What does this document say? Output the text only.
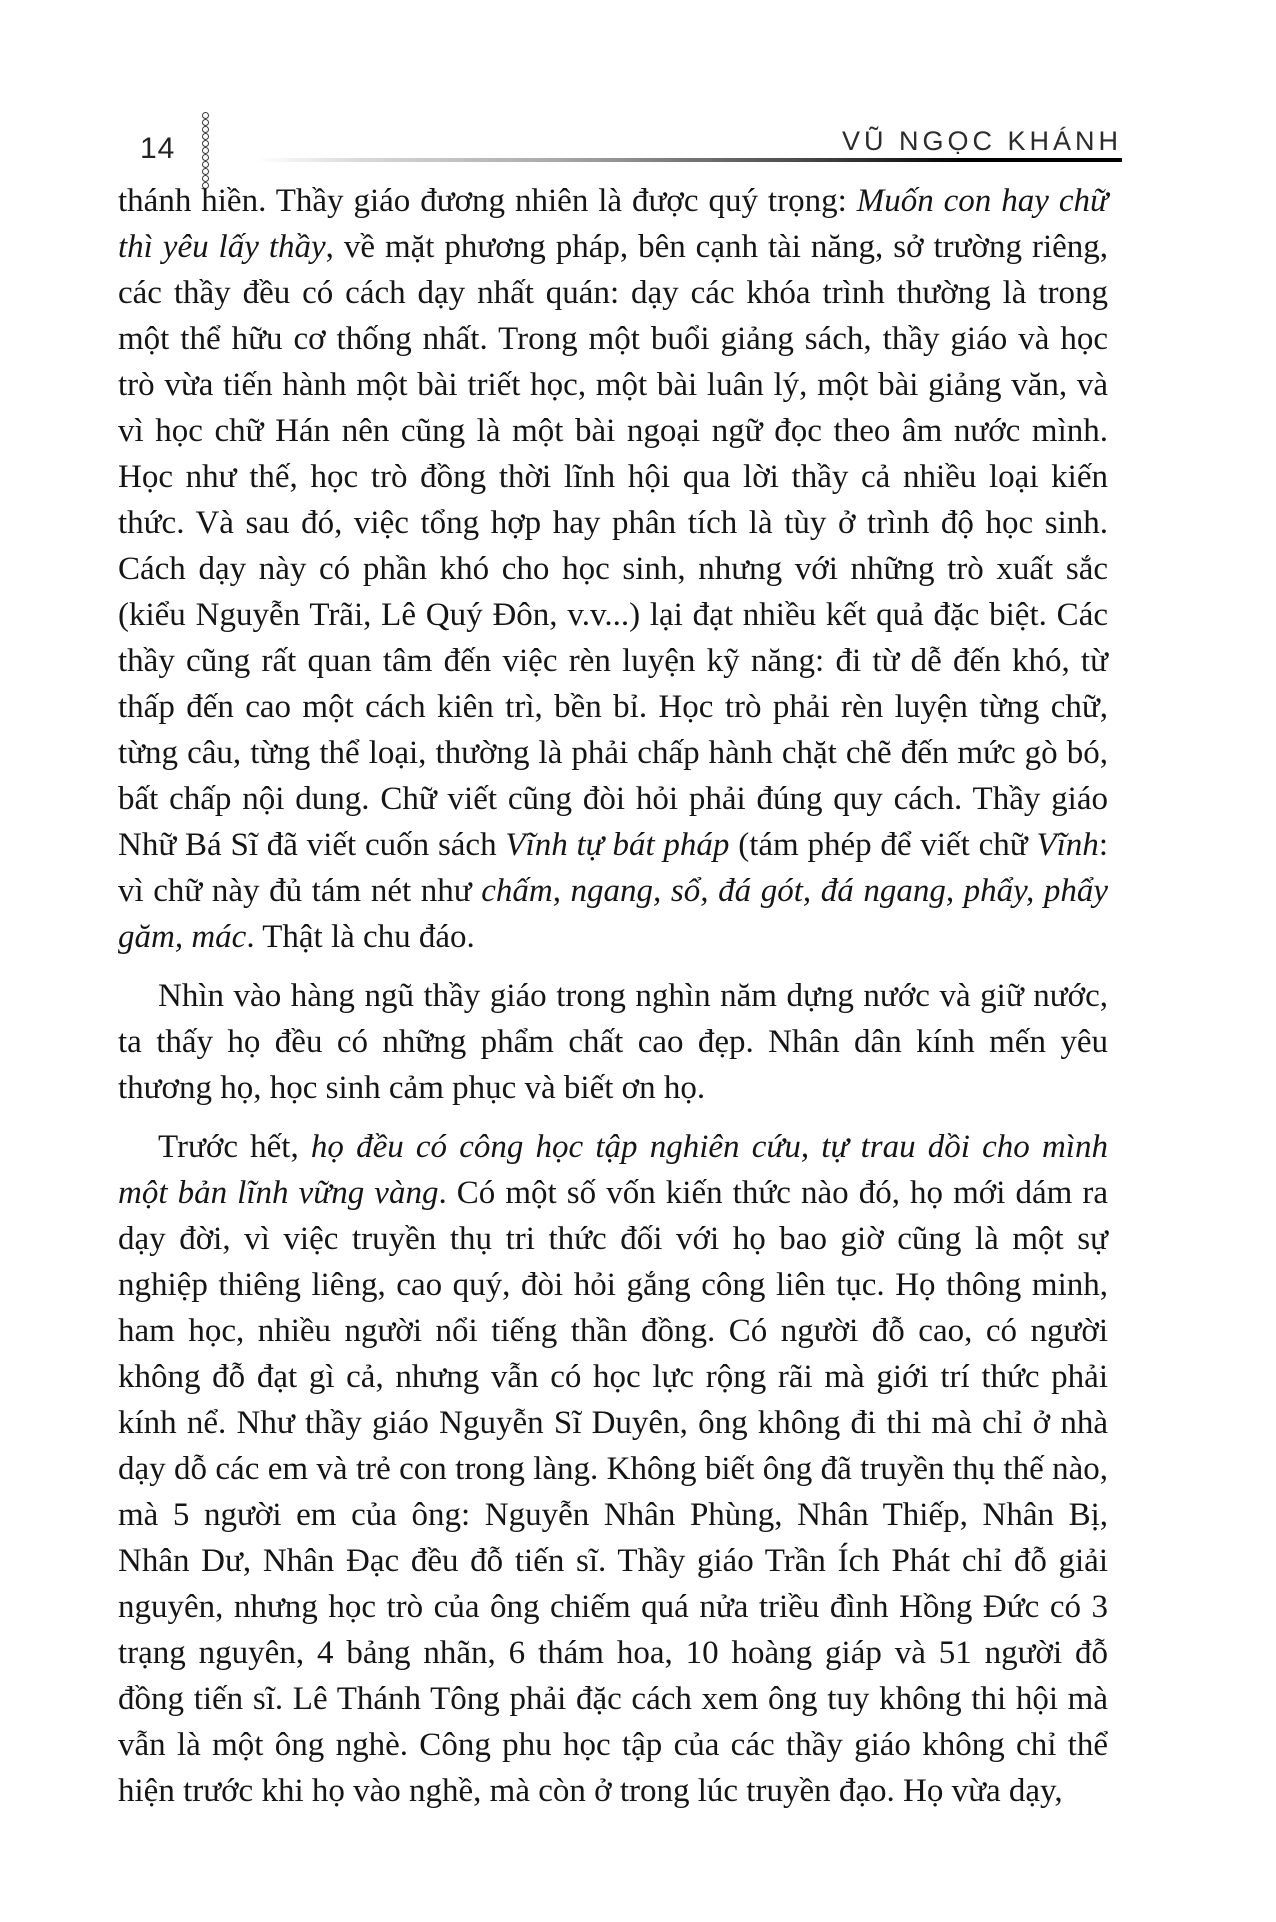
14	VŨ NGỌC KHÁNH

thánh hiền. Thầy giáo đương nhiên là được quý trọng: Muốn con hay chữ thì yêu lấy thầy, về mặt phương pháp, bên cạnh tài năng, sở trường riêng, các thầy đều có cách dạy nhất quán: dạy các khóa trình thường là trong một thể hữu cơ thống nhất. Trong một buổi giảng sách, thầy giáo và học trò vừa tiến hành một bài triết học, một bài luân lý, một bài giảng văn, và vì học chữ Hán nên cũng là một bài ngoại ngữ đọc theo âm nước mình. Học như thế, học trò đồng thời lĩnh hội qua lời thầy cả nhiều loại kiến thức. Và sau đó, việc tổng hợp hay phân tích là tùy ở trình độ học sinh. Cách dạy này có phần khó cho học sinh, nhưng với những trò xuất sắc (kiểu Nguyễn Trãi, Lê Quý Đôn, v.v...) lại đạt nhiều kết quả đặc biệt. Các thầy cũng rất quan tâm đến việc rèn luyện kỹ năng: đi từ dễ đến khó, từ thấp đến cao một cách kiên trì, bền bỉ. Học trò phải rèn luyện từng chữ, từng câu, từng thể loại, thường là phải chấp hành chặt chẽ đến mức gò bó, bất chấp nội dung. Chữ viết cũng đòi hỏi phải đúng quy cách. Thầy giáo Nhữ Bá Sĩ đã viết cuốn sách Vĩnh tự bát pháp (tám phép để viết chữ Vĩnh: vì chữ này đủ tám nét như chấm, ngang, sổ, đá gót, đá ngang, phẩy, phẩy găm, mác. Thật là chu đáo.

Nhìn vào hàng ngũ thầy giáo trong nghìn năm dựng nước và giữ nước, ta thấy họ đều có những phẩm chất cao đẹp. Nhân dân kính mến yêu thương họ, học sinh cảm phục và biết ơn họ.

Trước hết, họ đều có công học tập nghiên cứu, tự trau dồi cho mình một bản lĩnh vững vàng. Có một số vốn kiến thức nào đó, họ mới dám ra dạy đời, vì việc truyền thụ tri thức đối với họ bao giờ cũng là một sự nghiệp thiêng liêng, cao quý, đòi hỏi gắng công liên tục. Họ thông minh, ham học, nhiều người nổi tiếng thần đồng. Có người đỗ cao, có người không đỗ đạt gì cả, nhưng vẫn có học lực rộng rãi mà giới trí thức phải kính nể. Như thầy giáo Nguyễn Sĩ Duyên, ông không đi thi mà chỉ ở nhà dạy dỗ các em và trẻ con trong làng. Không biết ông đã truyền thụ thế nào, mà 5 người em của ông: Nguyễn Nhân Phùng, Nhân Thiếp, Nhân Bị, Nhân Dư, Nhân Đạc đều đỗ tiến sĩ. Thầy giáo Trần Ích Phát chỉ đỗ giải nguyên, nhưng học trò của ông chiếm quá nửa triều đình Hồng Đức có 3 trạng nguyên, 4 bảng nhãn, 6 thám hoa, 10 hoàng giáp và 51 người đỗ đồng tiến sĩ. Lê Thánh Tông phải đặc cách xem ông tuy không thi hội mà vẫn là một ông nghè. Công phu học tập của các thầy giáo không chỉ thể hiện trước khi họ vào nghề, mà còn ở trong lúc truyền đạo. Họ vừa dạy,
